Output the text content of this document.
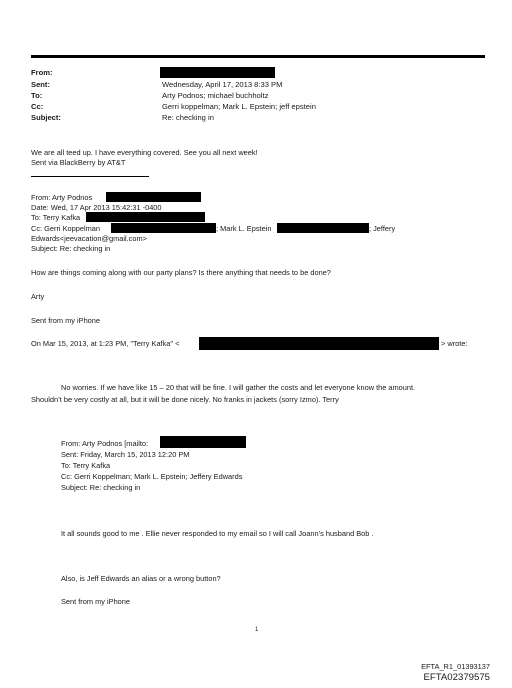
From:
Sent:	Wednesday, April 17, 2013 8:33 PM
To:	Arty Podnos; michael buchholtz
Cc:	Gerri koppelman; Mark L. Epstein; jeff epstein
Subject:	Re: checking in
We are all teed up. I have everything covered. See you all next week!
Sent via BlackBerry by AT&T
From: Arty Podnos
Date: Wed, 17 Apr 2013 15:42:31 -0400
To: Terry Kafka
Cc: Gerri Koppelman	; Mark L. Epstein	; Jeffery
Edwards<jeevacation@gmail.com>
Subject: Re: checking in
How are things coming along with our party plans? Is there anything that needs to be done?
Arty
Sent from my iPhone
On Mar 15, 2013, at 1:23 PM, "Terry Kafka" <	> wrote:
No worries. If we have like 15 – 20 that will be fine. I will gather the costs and let everyone know the amount.
Shouldn’t be very costly at all, but it will be done nicely. No franks in jackets (sorry Izmo). Terry
From: Arty Podnos [mailto:
Sent: Friday, March 15, 2013 12:20 PM
To: Terry Kafka
Cc: Gerri Koppelman; Mark L. Epstein; Jeffery Edwards
Subject: Re: checking in
It all sounds good to me . Ellie never responded to my email so I will call Joann’s husband Bob .
Also, is Jeff Edwards an alias or a wrong button?
Sent from my iPhone
1
EFTA_R1_01393137
EFTA02379575
